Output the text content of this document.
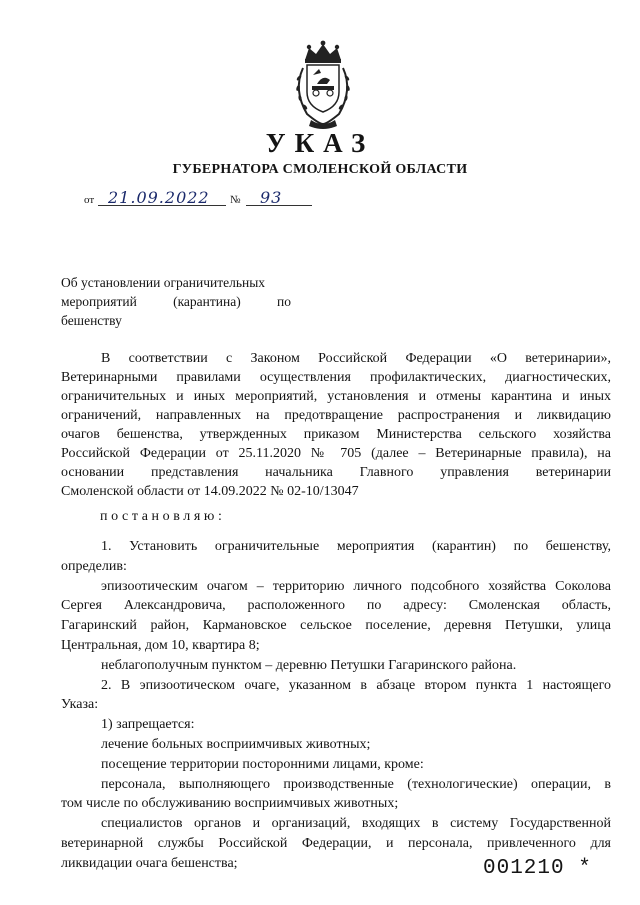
УКАЗ
ГУБЕРНАТОРА СМОЛЕНСКОЙ ОБЛАСТИ
от 21.09.2022 № 93
Об установлении ограничительных
мероприятий	(карантина)	по
бешенству
В соответствии с Законом Российской Федерации «О ветеринарии»,
Ветеринарными правилами осуществления профилактических, диагностических,
ограничительных и иных мероприятий, установления и отмены карантина и иных
ограничений, направленных на предотвращение распространения и ликвидацию
очагов бешенства, утвержденных приказом Министерства сельского хозяйства
Российской Федерации от 25.11.2020 № 705 (далее – Ветеринарные правила), на
основании представления начальника Главного управления ветеринарии
Смоленской области от 14.09.2022 № 02-10/13047
постановляю:
1. Установить ограничительные мероприятия (карантин) по бешенству,
определив:
эпизоотическим очагом – территорию личного подсобного хозяйства Соколова
Сергея Александровича, расположенного по адресу: Смоленская область,
Гагаринский район, Кармановское сельское поселение, деревня Петушки, улица
Центральная, дом 10, квартира 8;
неблагополучным пунктом – деревню Петушки Гагаринского района.
2. В эпизоотическом очаге, указанном в абзаце втором пункта 1 настоящего
Указа:
1) запрещается:
лечение больных восприимчивых животных;
посещение территории посторонними лицами, кроме:
персонала, выполняющего производственные (технологические) операции, в
том числе по обслуживанию восприимчивых животных;
специалистов органов и организаций, входящих в систему Государственной
ветеринарной службы Российской Федерации, и персонала, привлеченного для
ликвидации очага бешенства;	001210 *
